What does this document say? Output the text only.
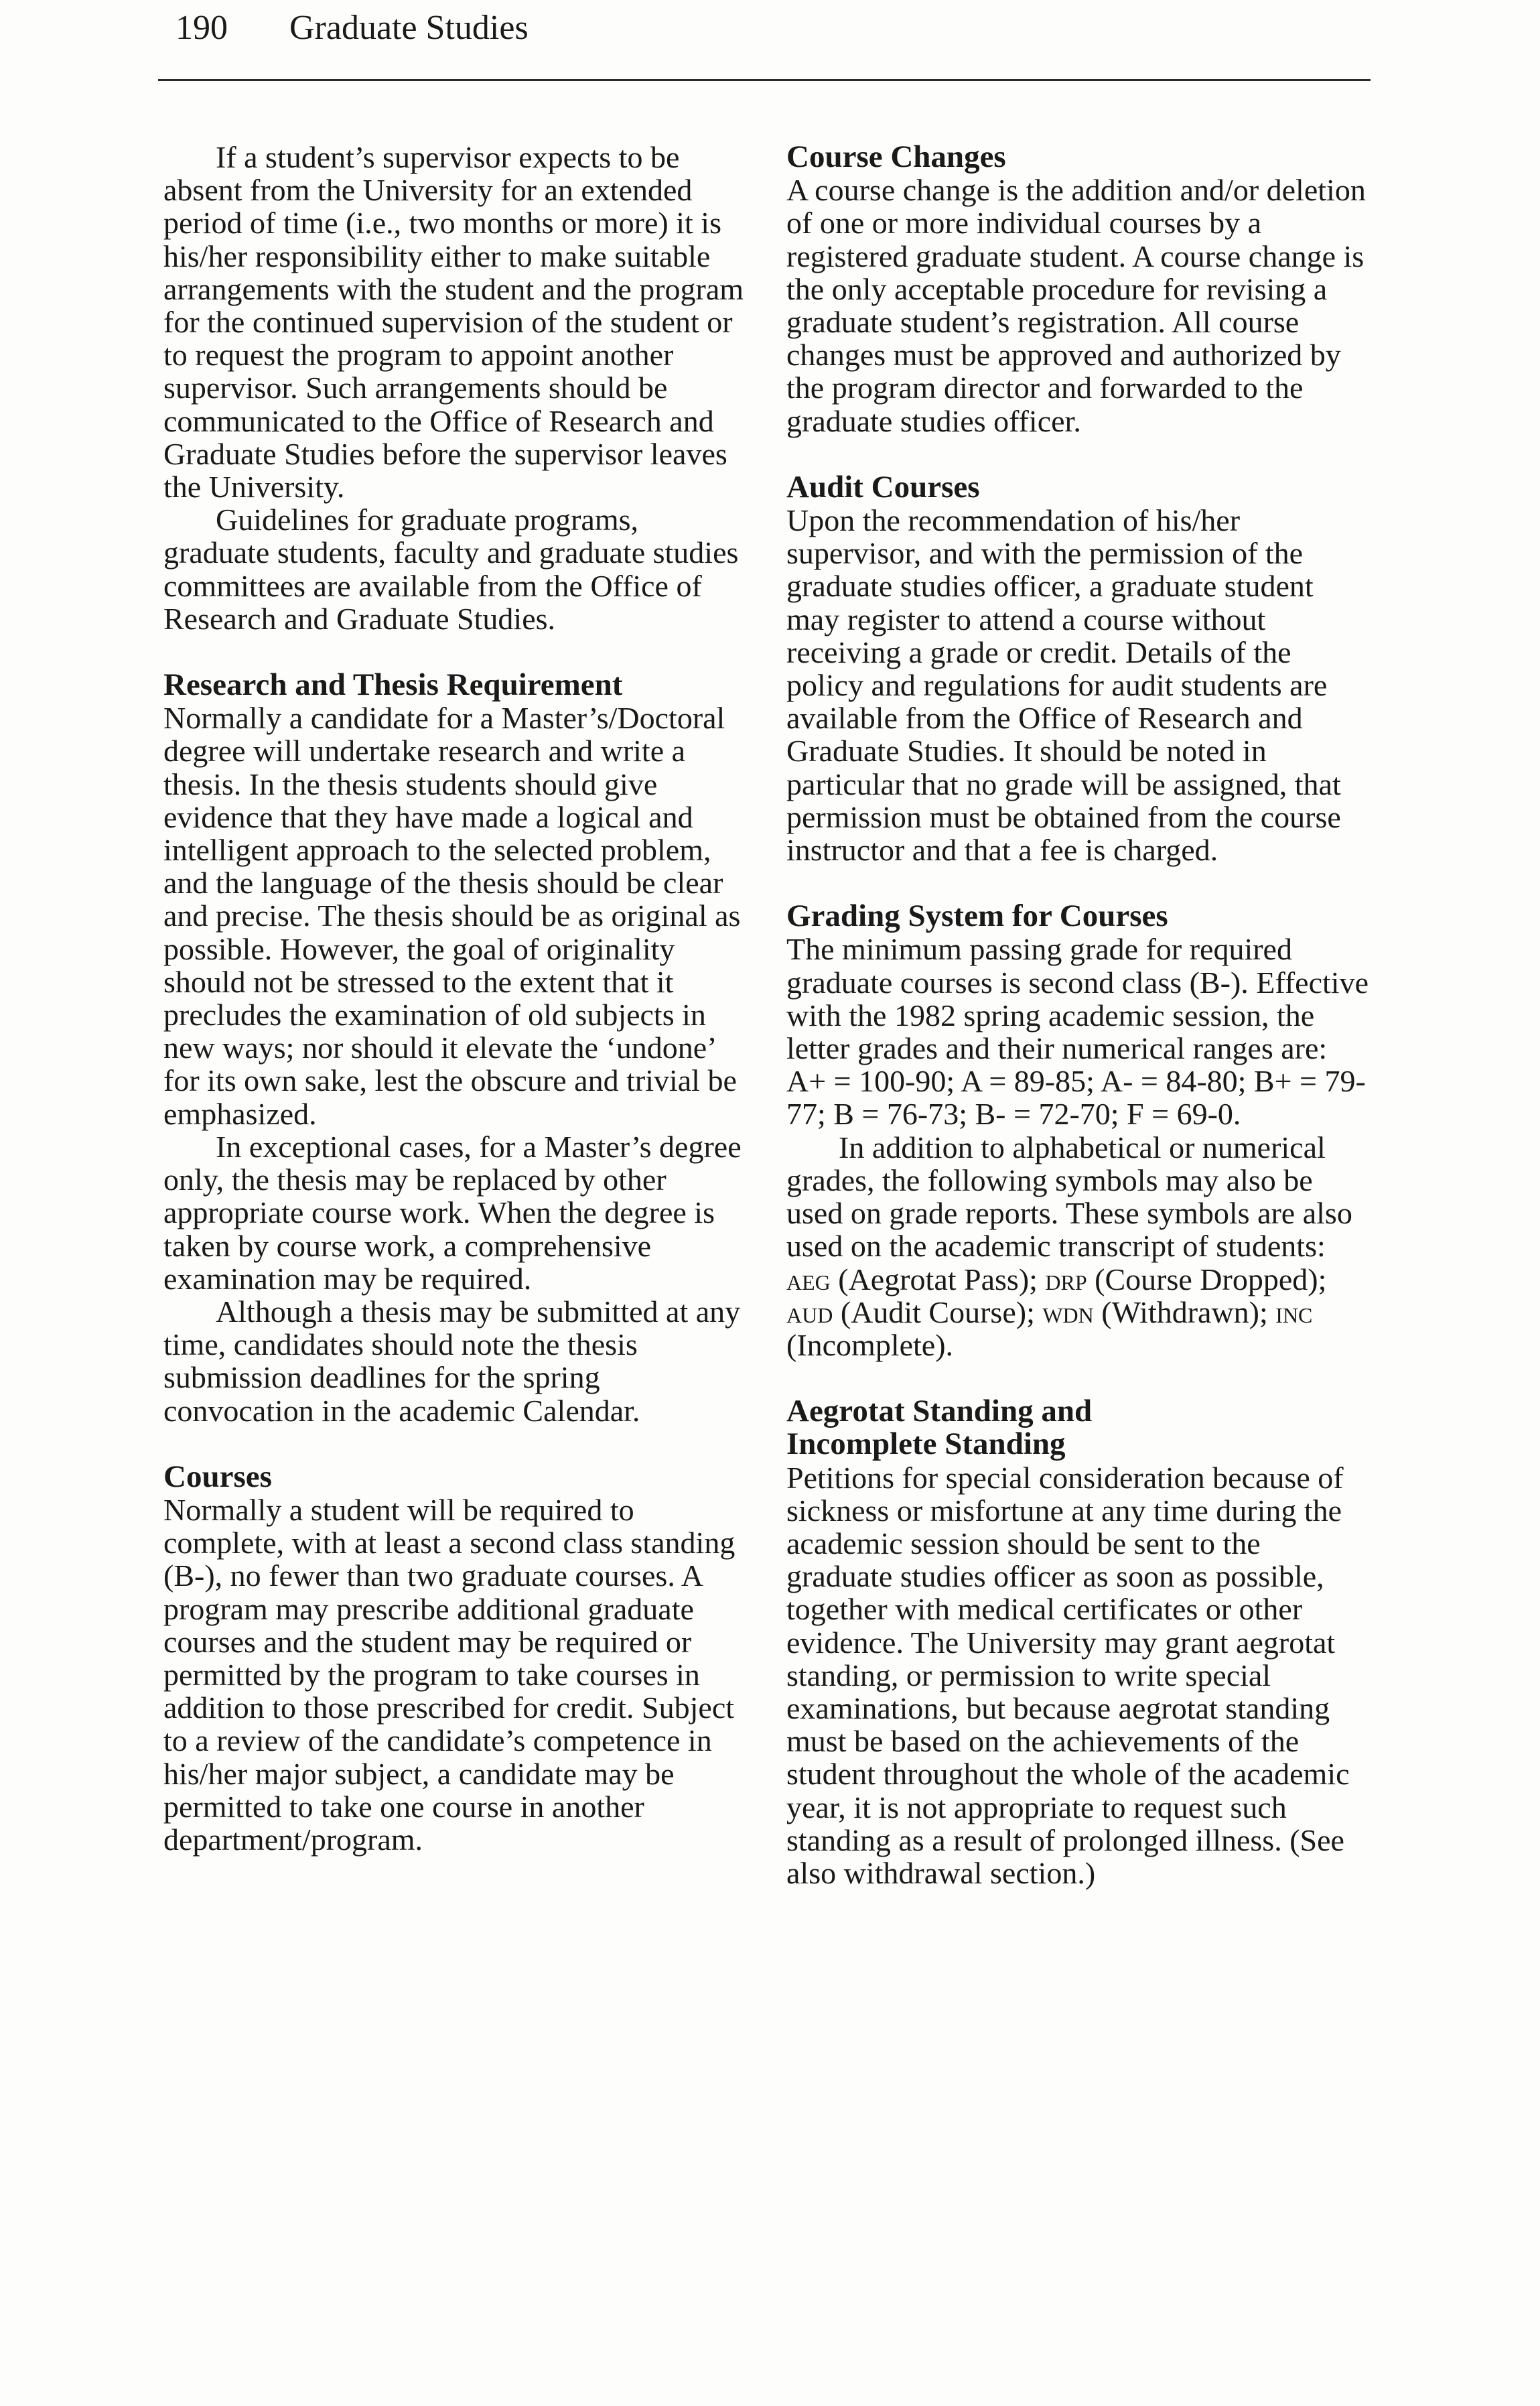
190 Graduate Studies

If a student’s supervisor expects to be absent from the University for an extended period of time (i.e., two months or more) it is his/her responsibility either to make suitable arrangements with the student and the program for the continued supervision of the student or to request the program to appoint another supervisor. Such arrangements should be communicated to the Office of Research and Graduate Studies before the supervisor leaves the University.

Guidelines for graduate programs, graduate students, faculty and graduate studies committees are available from the Office of Research and Graduate Studies.

Research and Thesis Requirement

Normally a candidate for a Master’s/Doctoral degree will undertake research and write a thesis. In the thesis students should give evidence that they have made a logical and intelligent approach to the selected problem, and the language of the thesis should be clear and precise. The thesis should be as original as possible. However, the goal of originality should not be stressed to the extent that it precludes the examination of old subjects in new ways; nor should it elevate the ‘undone’ for its own sake, lest the obscure and trivial be emphasized.

In exceptional cases, for a Master’s degree only, the thesis may be replaced by other appropriate course work. When the degree is taken by course work, a comprehensive examination may be required.

Although a thesis may be submitted at any time, candidates should note the thesis submission deadlines for the spring convocation in the academic Calendar.

Courses

Normally a student will be required to complete, with at least a second class standing (B-), no fewer than two graduate courses. A program may prescribe additional graduate courses and the student may be required or permitted by the program to take courses in addition to those prescribed for credit. Subject to a review of the candidate’s competence in his/her major subject, a candidate may be permitted to take one course in another department/program.

Course Changes

A course change is the addition and/or deletion of one or more individual courses by a registered graduate student. A course change is the only acceptable procedure for revising a graduate student’s registration. All course changes must be approved and authorized by the program director and forwarded to the graduate studies officer.

Audit Courses

Upon the recommendation of his/her supervisor, and with the permission of the graduate studies officer, a graduate student may register to attend a course without receiving a grade or credit. Details of the policy and regulations for audit students are available from the Office of Research and Graduate Studies. It should be noted in particular that no grade will be assigned, that permission must be obtained from the course instructor and that a fee is charged.

Grading System for Courses

The minimum passing grade for required graduate courses is second class (B-). Effective with the 1982 spring academic session, the letter grades and their numerical ranges are: A+ = 100-90; A = 89-85; A- = 84-80; B+ = 79-77; B = 76-73; B- = 72-70; F = 69-0.

In addition to alphabetical or numerical grades, the following symbols may also be used on grade reports. These symbols are also used on the academic transcript of students: aeg (Aegrotat Pass); drp (Course Dropped); aud (Audit Course); wdn (Withdrawn); inc (Incomplete).

Aegrotat Standing and
Incomplete Standing

Petitions for special consideration because of sickness or misfortune at any time during the academic session should be sent to the graduate studies officer as soon as possible, together with medical certificates or other evidence. The University may grant aegrotat standing, or permission to write special examinations, but because aegrotat standing must be based on the achievements of the student throughout the whole of the academic year, it is not appropriate to request such standing as a result of prolonged illness. (See also withdrawal section.)
